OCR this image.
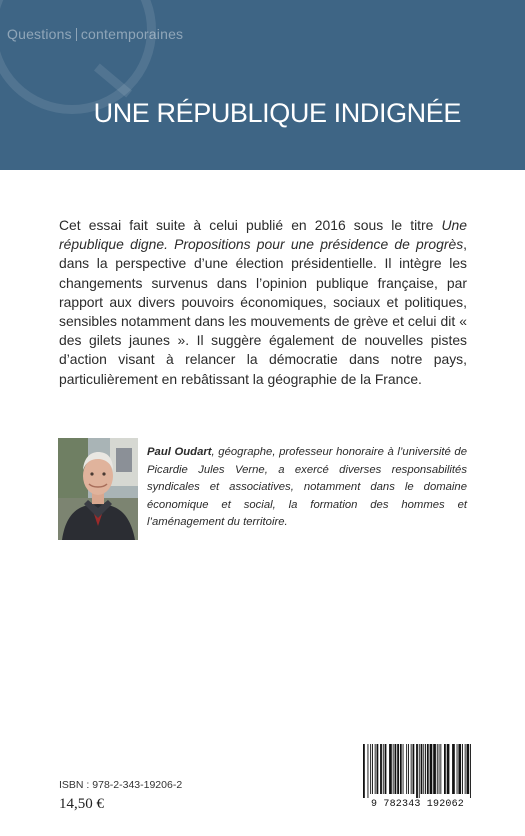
Questions contemporaines
UNE RÉPUBLIQUE INDIGNÉE
Cet essai fait suite à celui publié en 2016 sous le titre Une république digne. Propositions pour une présidence de progrès, dans la perspective d’une élection présidentielle. Il intègre les changements survenus dans l’opinion publique française, par rapport aux divers pouvoirs économiques, sociaux et politiques, sensibles notamment dans les mouvements de grève et celui dit « des gilets jaunes ». Il suggère également de nouvelles pistes d’action visant à relancer la démocratie dans notre pays, particulièrement en rebâtissant la géographie de la France.
Paul Oudart, géographe, professeur honoraire à l’université de Picardie Jules Verne, a exercé diverses responsabilités syndicales et associatives, notamment dans le domaine économique et social, la formation des hommes et l’aménagement du territoire.
ISBN : 978-2-343-19206-2
14,50 €	9 782343 192062
